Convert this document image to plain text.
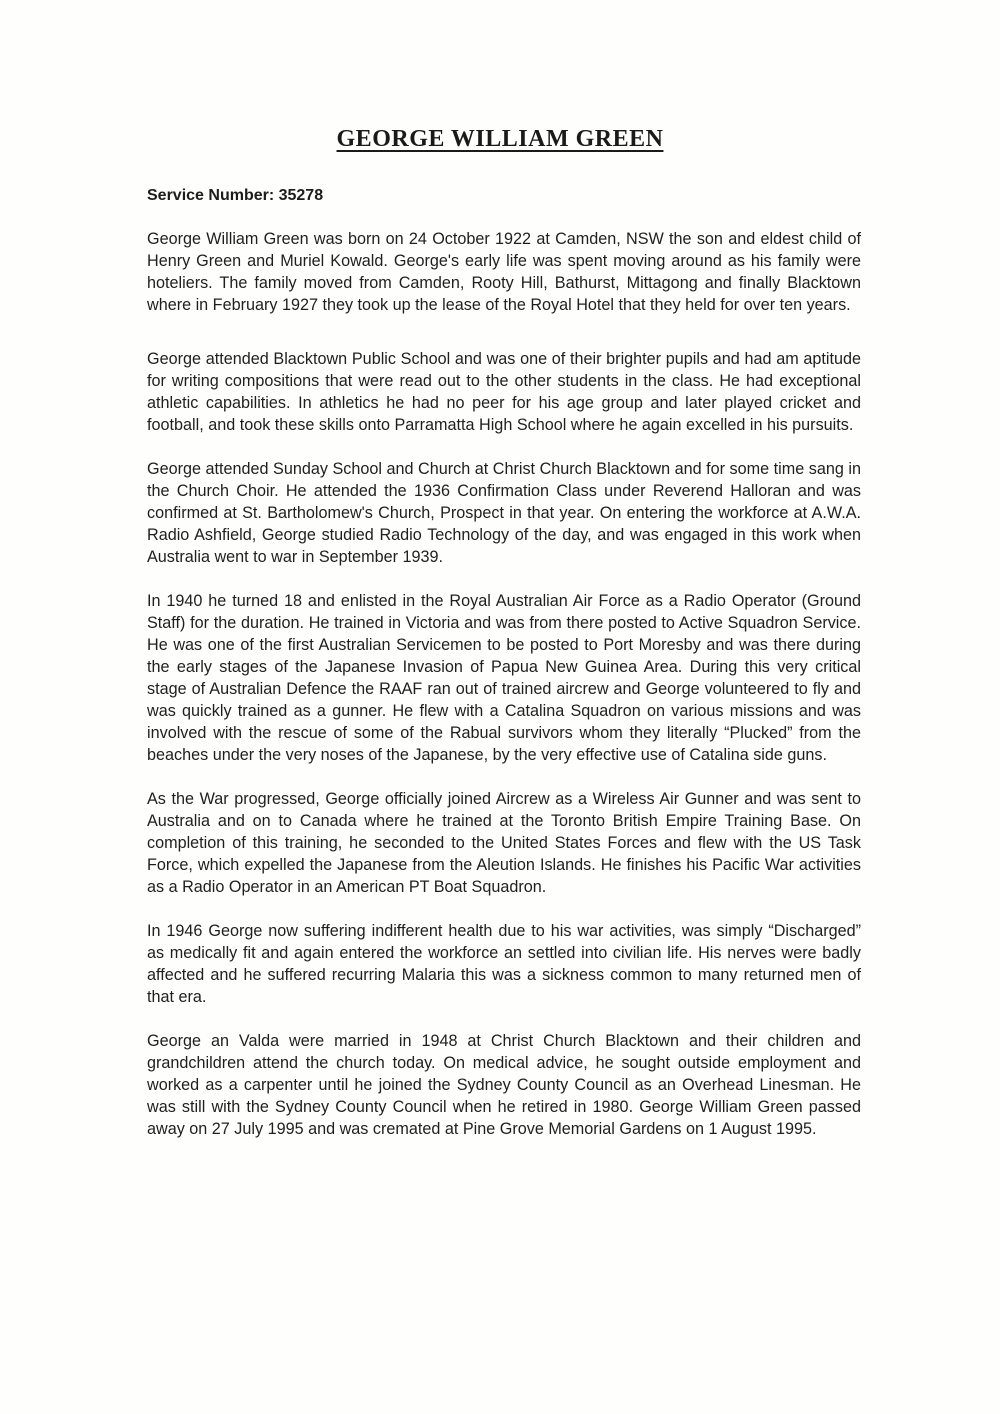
GEORGE WILLIAM GREEN

Service Number: 35278

George William Green was born on 24 October 1922 at Camden, NSW the son and eldest child of Henry Green and Muriel Kowald. George's early life was spent moving around as his family were hoteliers. The family moved from Camden, Rooty Hill, Bathurst, Mittagong and finally Blacktown where in February 1927 they took up the lease of the Royal Hotel that they held for over ten years.

George attended Blacktown Public School and was one of their brighter pupils and had am aptitude for writing compositions that were read out to the other students in the class. He had exceptional athletic capabilities. In athletics he had no peer for his age group and later played cricket and football, and took these skills onto Parramatta High School where he again excelled in his pursuits.

George attended Sunday School and Church at Christ Church Blacktown and for some time sang in the Church Choir. He attended the 1936 Confirmation Class under Reverend Halloran and was confirmed at St. Bartholomew's Church, Prospect in that year. On entering the workforce at A.W.A. Radio Ashfield, George studied Radio Technology of the day, and was engaged in this work when Australia went to war in September 1939.

In 1940 he turned 18 and enlisted in the Royal Australian Air Force as a Radio Operator (Ground Staff) for the duration. He trained in Victoria and was from there posted to Active Squadron Service. He was one of the first Australian Servicemen to be posted to Port Moresby and was there during the early stages of the Japanese Invasion of Papua New Guinea Area. During this very critical stage of Australian Defence the RAAF ran out of trained aircrew and George volunteered to fly and was quickly trained as a gunner. He flew with a Catalina Squadron on various missions and was involved with the rescue of some of the Rabual survivors whom they literally “Plucked” from the beaches under the very noses of the Japanese, by the very effective use of Catalina side guns.

As the War progressed, George officially joined Aircrew as a Wireless Air Gunner and was sent to Australia and on to Canada where he trained at the Toronto British Empire Training Base. On completion of this training, he seconded to the United States Forces and flew with the US Task Force, which expelled the Japanese from the Aleution Islands. He finishes his Pacific War activities as a Radio Operator in an American PT Boat Squadron.

In 1946 George now suffering indifferent health due to his war activities, was simply “Discharged” as medically fit and again entered the workforce an settled into civilian life. His nerves were badly affected and he suffered recurring Malaria this was a sickness common to many returned men of that era.

George an Valda were married in 1948 at Christ Church Blacktown and their children and grandchildren attend the church today. On medical advice, he sought outside employment and worked as a carpenter until he joined the Sydney County Council as an Overhead Linesman. He was still with the Sydney County Council when he retired in 1980. George William Green passed away on 27 July 1995 and was cremated at Pine Grove Memorial Gardens on 1 August 1995.
